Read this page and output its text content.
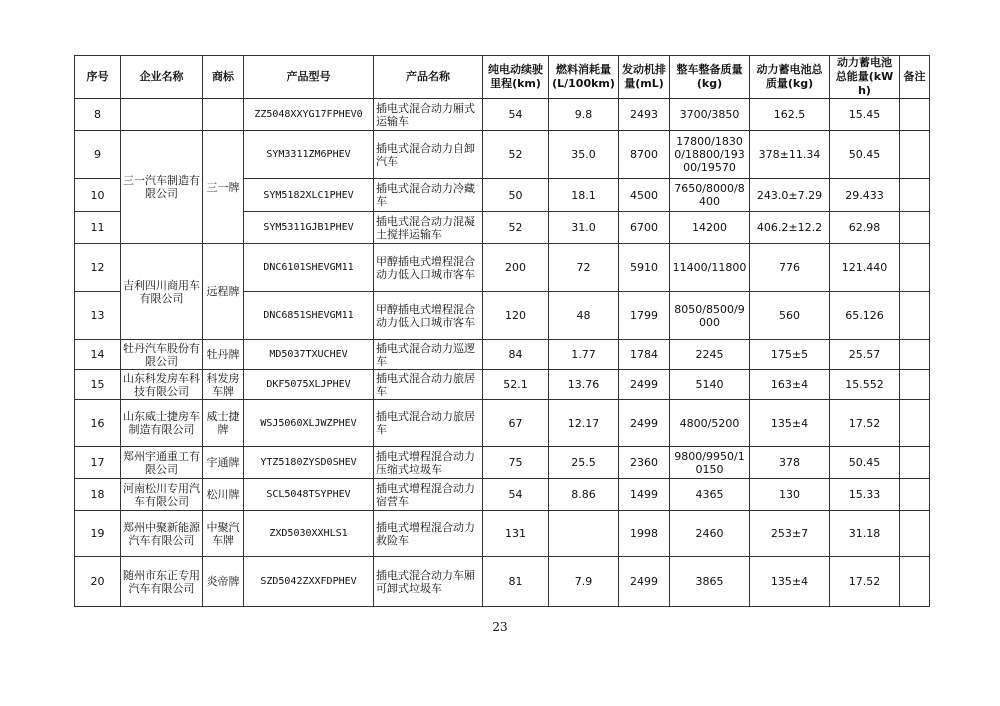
序号	企业名称	商标	产品型号	产品名称	纯电动续驶里程(km)	燃料消耗量(L/100km)	发动机排量(mL)	整车整备质量(kg)	动力蓄电池总质量(kg)	动力蓄电池总能量(kWh)	备注
8			ZZ5048XXYG17FPHEV0	插电式混合动力厢式运输车	54	9.8	2493	3700/3850	162.5	15.45	
9	三一汽车制造有限公司	三一牌	SYM3311ZM6PHEV	插电式混合动力自卸汽车	52	35.0	8700	17800/18300/18800/19300/19570	378±11.34	50.45	
10			SYM5182XLC1PHEV	插电式混合动力冷藏车	50	18.1	4500	7650/8000/8400	243.0±7.29	29.433	
11			SYM5311GJB1PHEV	插电式混合动力混凝土搅拌运输车	52	31.0	6700	14200	406.2±12.2	62.98	
12	吉利四川商用车有限公司	远程牌	DNC6101SHEVGM11	甲醇插电式增程混合动力低入口城市客车	200	72	5910	11400/11800	776	121.440	
13			DNC6851SHEVGM11	甲醇插电式增程混合动力低入口城市客车	120	48	1799	8050/8500/9000	560	65.126	
14	牡丹汽车股份有限公司	牡丹牌	MD5037TXUCHEV	插电式混合动力巡逻车	84	1.77	1784	2245	175±5	25.57	
15	山东科发房车科技有限公司	科发房车牌	DKF5075XLJPHEV	插电式混合动力旅居车	52.1	13.76	2499	5140	163±4	15.552	
16	山东威士捷房车制造有限公司	威士捷牌	WSJ5060XLJWZPHEV	插电式混合动力旅居车	67	12.17	2499	4800/5200	135±4	17.52	
17	郑州宇通重工有限公司	宇通牌	YTZ5180ZYSD0SHEV	插电式增程混合动力压缩式垃圾车	75	25.5	2360	9800/9950/10150	378	50.45	
18	河南松川专用汽车有限公司	松川牌	SCL5048TSYPHEV	插电式增程混合动力宿营车	54	8.86	1499	4365	130	15.33	
19	郑州中聚新能源汽车有限公司	中聚汽车牌	ZXD5030XXHLS1	插电式增程混合动力救险车	131		1998	2460	253±7	31.18	
20	随州市东正专用汽车有限公司	炎帝牌	SZD5042ZXXFDPHEV	插电式混合动力车厢可卸式垃圾车	81	7.9	2499	3865	135±4	17.52	
23
